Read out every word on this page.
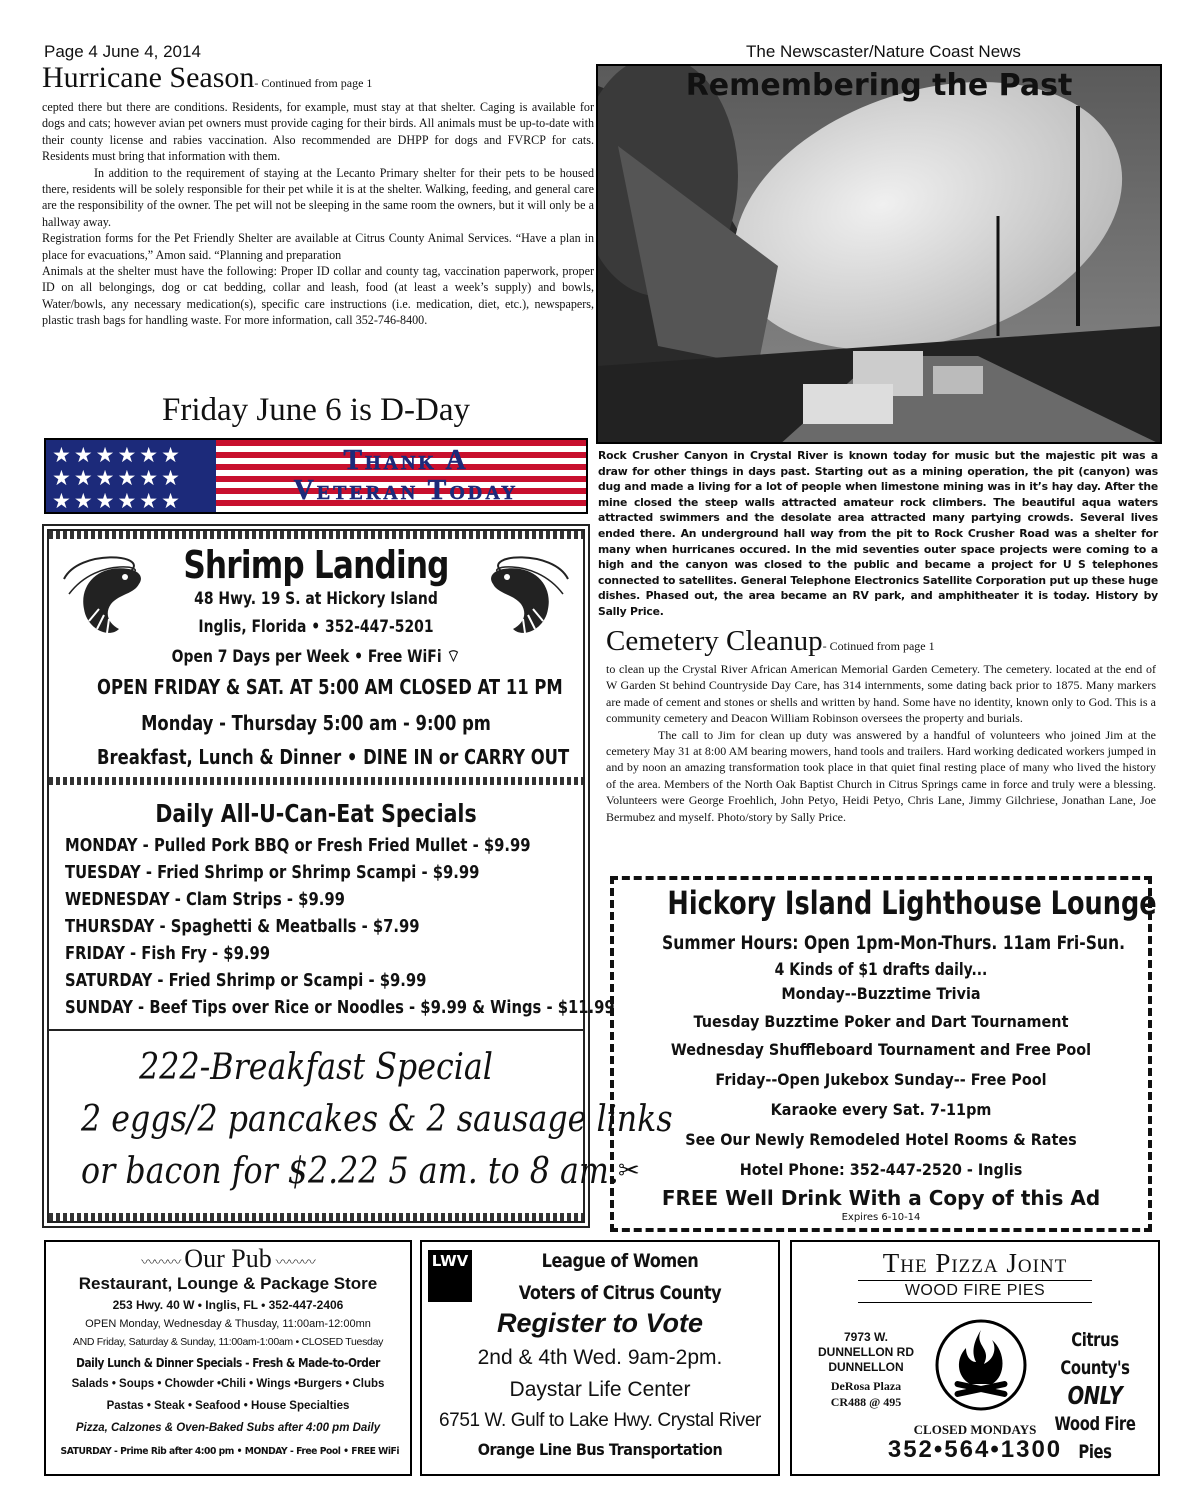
Page 4 June 4, 2014	The Newscaster/Nature Coast News
Hurricane Season- Continued from page 1

cepted there but there are conditions. Residents, for example, must stay at that shelter. Caging is available for dogs and cats; however avian pet owners must provide caging for their birds. All animals must be up-to-date with their county license and rabies vaccination. Also recommended are DHPP for dogs and FVRCP for cats. Residents must bring that information with them.

In addition to the requirement of staying at the Lecanto Primary shelter for their pets to be housed there, residents will be solely responsible for their pet while it is at the shelter. Walking, feeding, and general care are the responsibility of the owner. The pet will not be sleeping in the same room the owners, but it will only be a hallway away.

Registration forms for the Pet Friendly Shelter are available at Citrus County Animal Services. “Have a plan in place for evacuations,” Amon said. “Planning and preparation

Animals at the shelter must have the following: Proper ID collar and county tag, vaccination paperwork, proper ID on all belongings, dog or cat bedding, collar and leash, food (at least a week’s supply) and bowls, Water/bowls, any necessary medication(s), specific care instructions (i.e. medication, diet, etc.), newspapers, plastic trash bags for handling waste. For more information, call 352-746-8400.

Friday June 6 is D-Day
★★★★★★
★★★★★★
★★★★★★
Thank A
Veteran Today
Shrimp Landing
48 Hwy. 19 S. at Hickory Island
Inglis, Florida • 352-447-5201
Open 7 Days per Week • Free WiFi ⌔
OPEN FRIDAY & SAT. AT 5:00 AM CLOSED AT 11 PM
Monday - Thursday 5:00 am - 9:00 pm
Breakfast, Lunch & Dinner • DINE IN or CARRY OUT
Daily All-U-Can-Eat Specials
MONDAY - Pulled Pork BBQ or Fresh Fried Mullet - $9.99
TUESDAY - Fried Shrimp or Shrimp Scampi - $9.99
WEDNESDAY - Clam Strips - $9.99
THURSDAY - Spaghetti & Meatballs - $7.99
FRIDAY - Fish Fry - $9.99
SATURDAY - Fried Shrimp or Scampi - $9.99
SUNDAY - Beef Tips over Rice or Noodles - $9.99 & Wings - $11.99
222-Breakfast Special
2 eggs/2 pancakes & 2 sausage links
or bacon for $2.22 5 am. to 8 am.
Remembering the Past
Rock Crusher Canyon in Crystal River is known today for music but the majestic pit was a draw for other things in days past. Starting out as a mining operation, the pit (canyon) was dug and made a living for a lot of people when limestone mining was in it’s hay day. After the mine closed the steep walls attracted amateur rock climbers. The beautiful aqua waters attracted swimmers and the desolate area attracted many partying crowds. Several lives ended there. An underground hall way from the pit to Rock Crusher Road was a shelter for many when hurricanes occured. In the mid seventies outer space projects were coming to a high and the canyon was closed to the public and became a project for U S telephones connected to satellites. General Telephone Electronics Satellite Corporation put up these huge dishes. Phased out, the area became an RV park, and amphitheater it is today. History by Sally Price.
Cemetery Cleanup- Cotinued from page 1

to clean up the Crystal River African American Memorial Garden Cemetery. The cemetery. located at the end of W Garden St behind Countryside Day Care, has 314 internments, some dating back prior to 1875. Many markers are made of cement and stones or shells and written by hand. Some have no identity, known only to God. This is a community cemetery and Deacon William Robinson oversees the property and burials.

The call to Jim for clean up duty was answered by a handful of volunteers who joined Jim at the cemetery May 31 at 8:00 AM bearing mowers, hand tools and trailers. Hard working dedicated workers jumped in and by noon an amazing transformation took place in that quiet final resting place of many who lived the history of the area. Members of the North Oak Baptist Church in Citrus Springs came in force and truly were a blessing. Volunteers were George Froehlich, John Petyo, Heidi Petyo, Chris Lane, Jimmy Gilchriese, Jonathan Lane, Joe Bermubez and myself. Photo/story by Sally Price.

Hickory Island Lighthouse Lounge
Summer Hours: Open 1pm-Mon-Thurs. 11am Fri-Sun.
4 Kinds of $1 drafts daily...
Monday--Buzztime Trivia
Tuesday Buzztime Poker and Dart Tournament
Wednesday Shuffleboard Tournament and Free Pool
Friday--Open Jukebox Sunday-- Free Pool
Karaoke every Sat. 7-11pm
See Our Newly Remodeled Hotel Rooms & Rates
Hotel Phone: 352-447-2520 - Inglis
✂
FREE Well Drink With a Copy of this Ad
Expires 6-10-14
〰〰〰 Our Pub 〰〰〰
Restaurant, Lounge & Package Store
253 Hwy. 40 W • Inglis, FL • 352-447-2406
OPEN Monday, Wednesday & Thusday, 11:00am-12:00mn
AND Friday, Saturday & Sunday, 11:00am-1:00am • CLOSED Tuesday
Daily Lunch & Dinner Specials - Fresh & Made-to-Order
Salads • Soups • Chowder •Chili • Wings •Burgers • Clubs
Pastas • Steak • Seafood • House Specialties
Pizza, Calzones & Oven-Baked Subs after 4:00 pm Daily
SATURDAY - Prime Rib after 4:00 pm • MONDAY - Free Pool • FREE WiFi
LWV	League of Women
Voters of Citrus County
Register to Vote
2nd & 4th Wed. 9am-2pm.
Daystar Life Center
6751 W. Gulf to Lake Hwy. Crystal River
Orange Line Bus Transportation
The Pizza Joint
WOOD FIRE PIES
7973 W.
DUNNELLON RD
DUNNELLON
DeRosa Plaza
CR488 @ 495
Citrus County's
ONLY
Wood Fire Pies
CLOSED MONDAYS
352•564•1300
